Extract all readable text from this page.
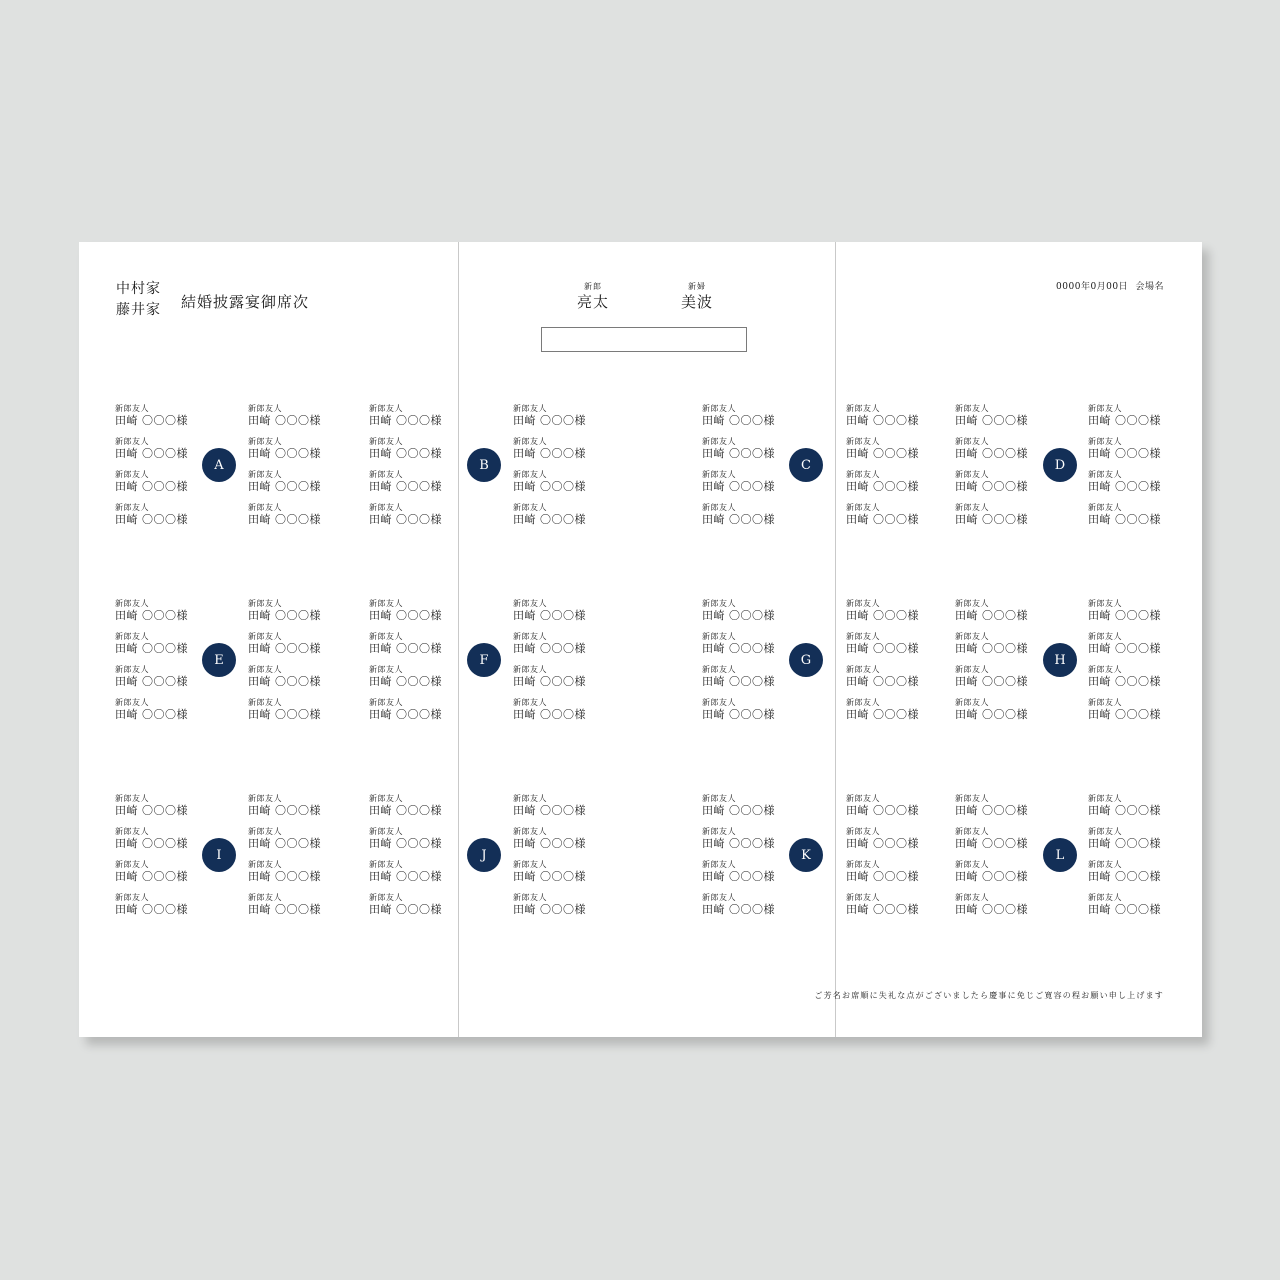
中村家
藤井家 結婚披露宴御席次
新郎
亮太
新婦
美波
0000年0月00日 会場名
ご芳名お席順に失礼な点がございましたら慶事に免じご寛容の程お願い申し上げます
新郎友人
田崎 〇〇〇様
新郎友人
田崎 〇〇〇様
新郎友人
田崎 〇〇〇様
新郎友人
田崎 〇〇〇様
新郎友人
田崎 〇〇〇様
新郎友人
田崎 〇〇〇様
新郎友人
田崎 〇〇〇様
新郎友人
田崎 〇〇〇様
新郎友人
田崎 〇〇〇様
新郎友人
田崎 〇〇〇様
新郎友人
田崎 〇〇〇様
新郎友人
田崎 〇〇〇様
新郎友人
田崎 〇〇〇様
新郎友人
田崎 〇〇〇様
新郎友人
田崎 〇〇〇様
新郎友人
田崎 〇〇〇様
新郎友人
田崎 〇〇〇様
新郎友人
田崎 〇〇〇様
新郎友人
田崎 〇〇〇様
新郎友人
田崎 〇〇〇様
新郎友人
田崎 〇〇〇様
新郎友人
田崎 〇〇〇様
新郎友人
田崎 〇〇〇様
新郎友人
田崎 〇〇〇様
新郎友人
田崎 〇〇〇様
新郎友人
田崎 〇〇〇様
新郎友人
田崎 〇〇〇様
新郎友人
田崎 〇〇〇様
新郎友人
田崎 〇〇〇様
新郎友人
田崎 〇〇〇様
新郎友人
田崎 〇〇〇様
新郎友人
田崎 〇〇〇様
新郎友人
田崎 〇〇〇様
新郎友人
田崎 〇〇〇様
新郎友人
田崎 〇〇〇様
新郎友人
田崎 〇〇〇様
新郎友人
田崎 〇〇〇様
新郎友人
田崎 〇〇〇様
新郎友人
田崎 〇〇〇様
新郎友人
田崎 〇〇〇様
新郎友人
田崎 〇〇〇様
新郎友人
田崎 〇〇〇様
新郎友人
田崎 〇〇〇様
新郎友人
田崎 〇〇〇様
新郎友人
田崎 〇〇〇様
新郎友人
田崎 〇〇〇様
新郎友人
田崎 〇〇〇様
新郎友人
田崎 〇〇〇様
新郎友人
田崎 〇〇〇様
新郎友人
田崎 〇〇〇様
新郎友人
田崎 〇〇〇様
新郎友人
田崎 〇〇〇様
新郎友人
田崎 〇〇〇様
新郎友人
田崎 〇〇〇様
新郎友人
田崎 〇〇〇様
新郎友人
田崎 〇〇〇様
新郎友人
田崎 〇〇〇様
新郎友人
田崎 〇〇〇様
新郎友人
田崎 〇〇〇様
新郎友人
田崎 〇〇〇様
新郎友人
田崎 〇〇〇様
新郎友人
田崎 〇〇〇様
新郎友人
田崎 〇〇〇様
新郎友人
田崎 〇〇〇様
新郎友人
田崎 〇〇〇様
新郎友人
田崎 〇〇〇様
新郎友人
田崎 〇〇〇様
新郎友人
田崎 〇〇〇様
新郎友人
田崎 〇〇〇様
新郎友人
田崎 〇〇〇様
新郎友人
田崎 〇〇〇様
新郎友人
田崎 〇〇〇様
新郎友人
田崎 〇〇〇様
新郎友人
田崎 〇〇〇様
新郎友人
田崎 〇〇〇様
新郎友人
田崎 〇〇〇様
新郎友人
田崎 〇〇〇様
新郎友人
田崎 〇〇〇様
新郎友人
田崎 〇〇〇様
新郎友人
田崎 〇〇〇様
新郎友人
田崎 〇〇〇様
新郎友人
田崎 〇〇〇様
新郎友人
田崎 〇〇〇様
新郎友人
田崎 〇〇〇様
新郎友人
田崎 〇〇〇様
新郎友人
田崎 〇〇〇様
新郎友人
田崎 〇〇〇様
新郎友人
田崎 〇〇〇様
新郎友人
田崎 〇〇〇様
新郎友人
田崎 〇〇〇様
新郎友人
田崎 〇〇〇様
新郎友人
田崎 〇〇〇様
新郎友人
田崎 〇〇〇様
新郎友人
田崎 〇〇〇様
新郎友人
田崎 〇〇〇様
新郎友人
田崎 〇〇〇様
A	B	C	D
E	F	G	H
I	J	K	L
